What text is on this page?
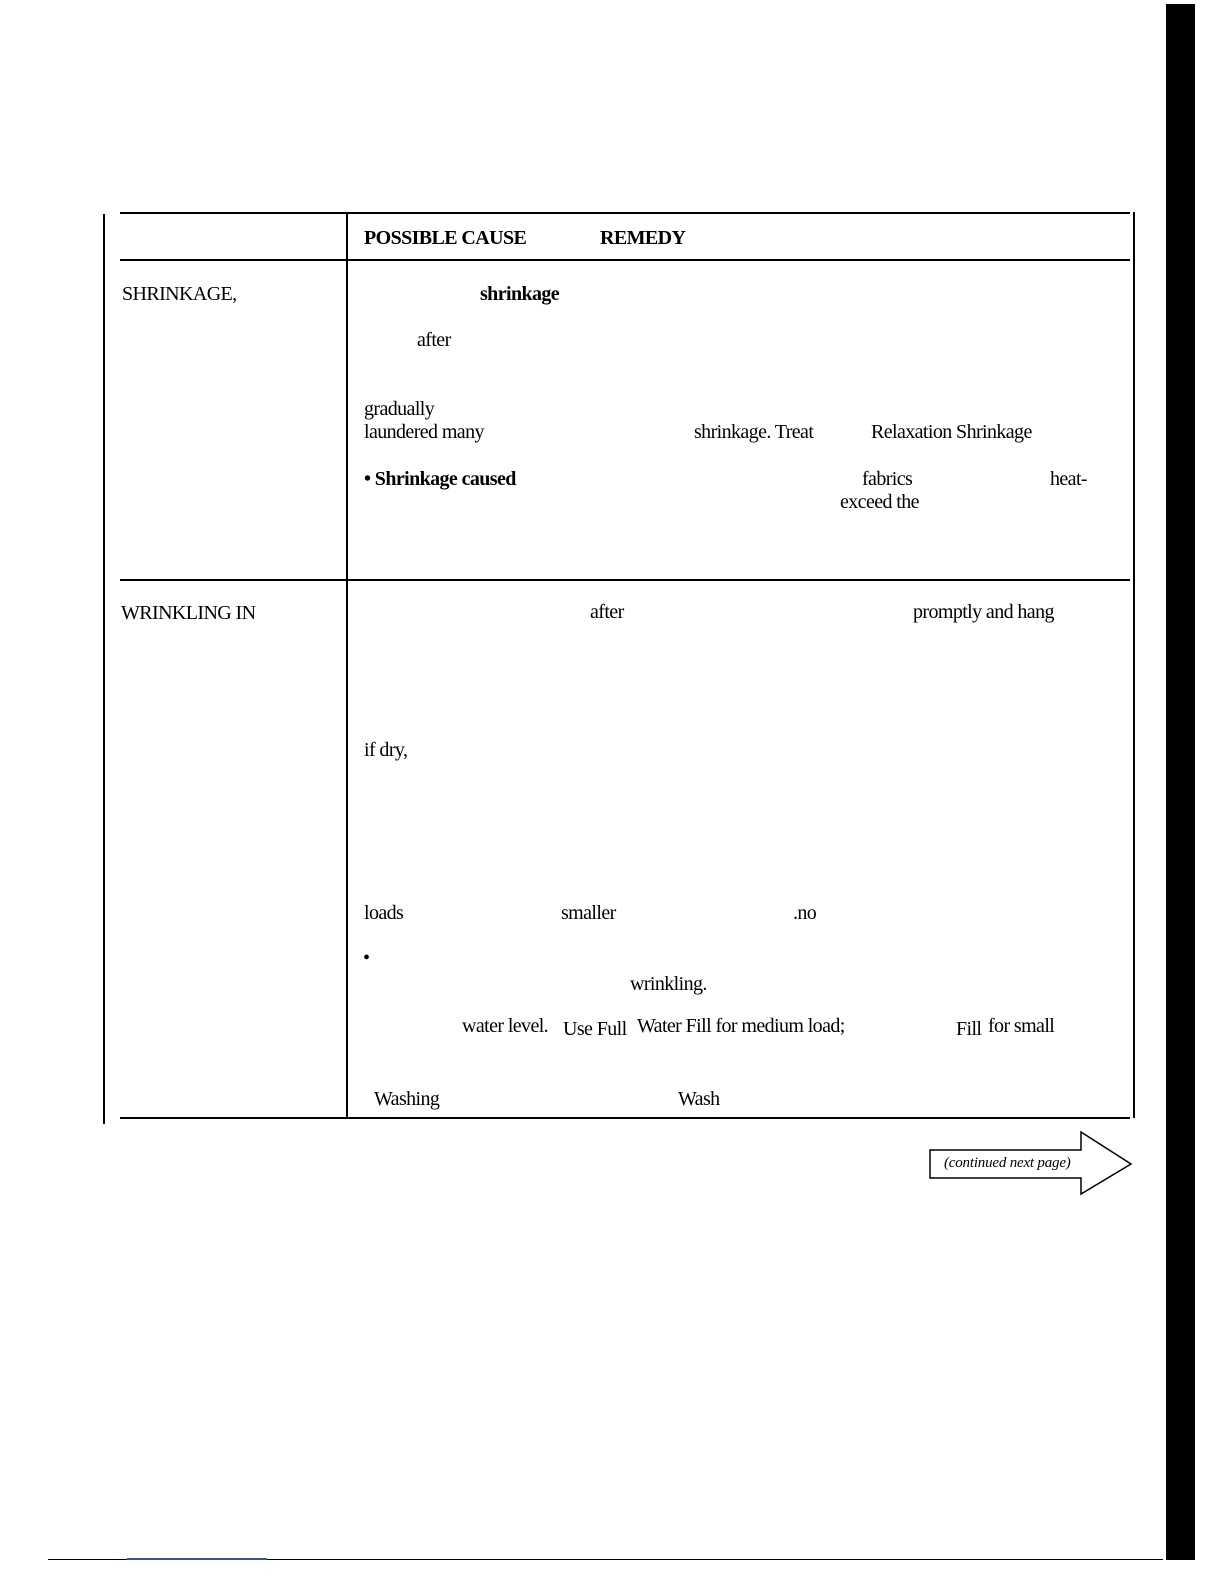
POSSIBLE CAUSE	REMEDY
SHRINKAGE,	shrinkage
after
gradually
laundered many	shrinkage. Treat	Relaxation Shrinkage
• Shrinkage caused	fabrics	heat-
exceed the
WRINKLING IN	after	promptly and hang
if dry,
loads	smaller	.no
•
wrinkling.
water level. Use Full Water Fill for medium load;	Fill for small
Washing	Wash
(continued next page)
